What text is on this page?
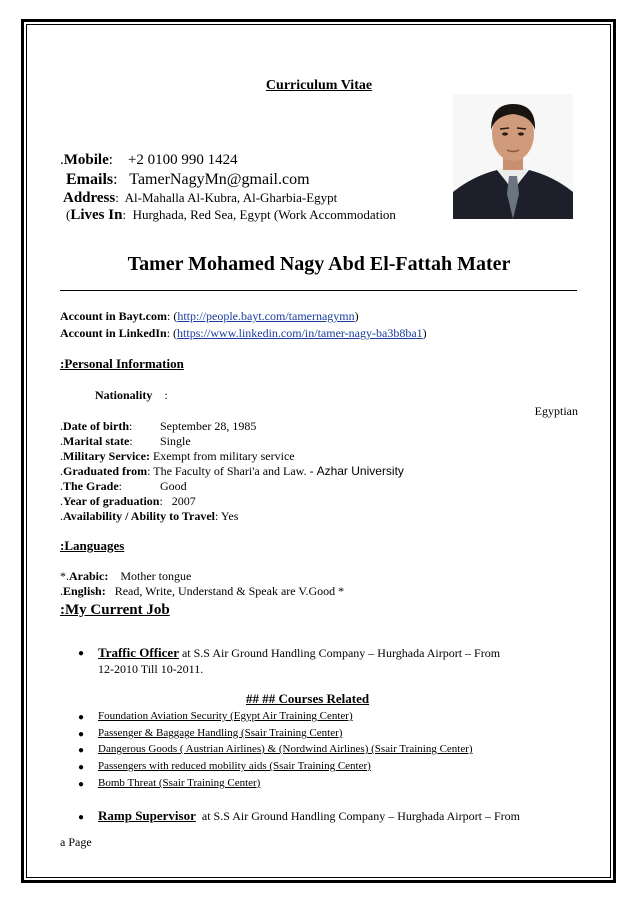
Curriculum Vitae
.Mobile:    +2 0100 990 1424
Emails:   TamerNagyMn@gmail.com
Address:  Al-Mahalla Al-Kubra, Al-Gharbia-Egypt
(Lives In:  Hurghada, Red Sea, Egypt (Work Accommodation
Tamer Mohamed Nagy Abd El-Fattah Mater
Account in Bayt.com: (http://people.bayt.com/tamernagymn)
Account in LinkedIn: (https://www.linkedin.com/in/tamer-nagy-ba3b8ba1)
:Personal Information
Nationality    :
Egyptian
.Date of birth: September 28, 1985
.Marital state: Single
.Military Service: Exempt from military service
.Graduated from: The Faculty of Shari'a and Law. - Azhar University
.The Grade:	Good
.Year of graduation:   2007
.Availability / Ability to Travel: Yes
:Languages
*.Arabic: Mother tongue
.English: Read, Write, Understand & Speak are V.Good *
:My Current Job
● Traffic Officer at S.S Air Ground Handling Company – Hurghada Airport – From
12-2010 Till 10-2011.
## ## Courses Related
● Foundation Aviation Security (Egypt Air Training Center)
● Passenger & Baggage Handling (Ssair Training Center)
● Dangerous Goods ( Austrian Airlines) & (Nordwind Airlines) (Ssair Training Center)
● Passengers with reduced mobility aids (Ssair Training Center)
● Bomb Threat (Ssair Training Center)
● Ramp Supervisor at S.S Air Ground Handling Company – Hurghada Airport – From
a Page
